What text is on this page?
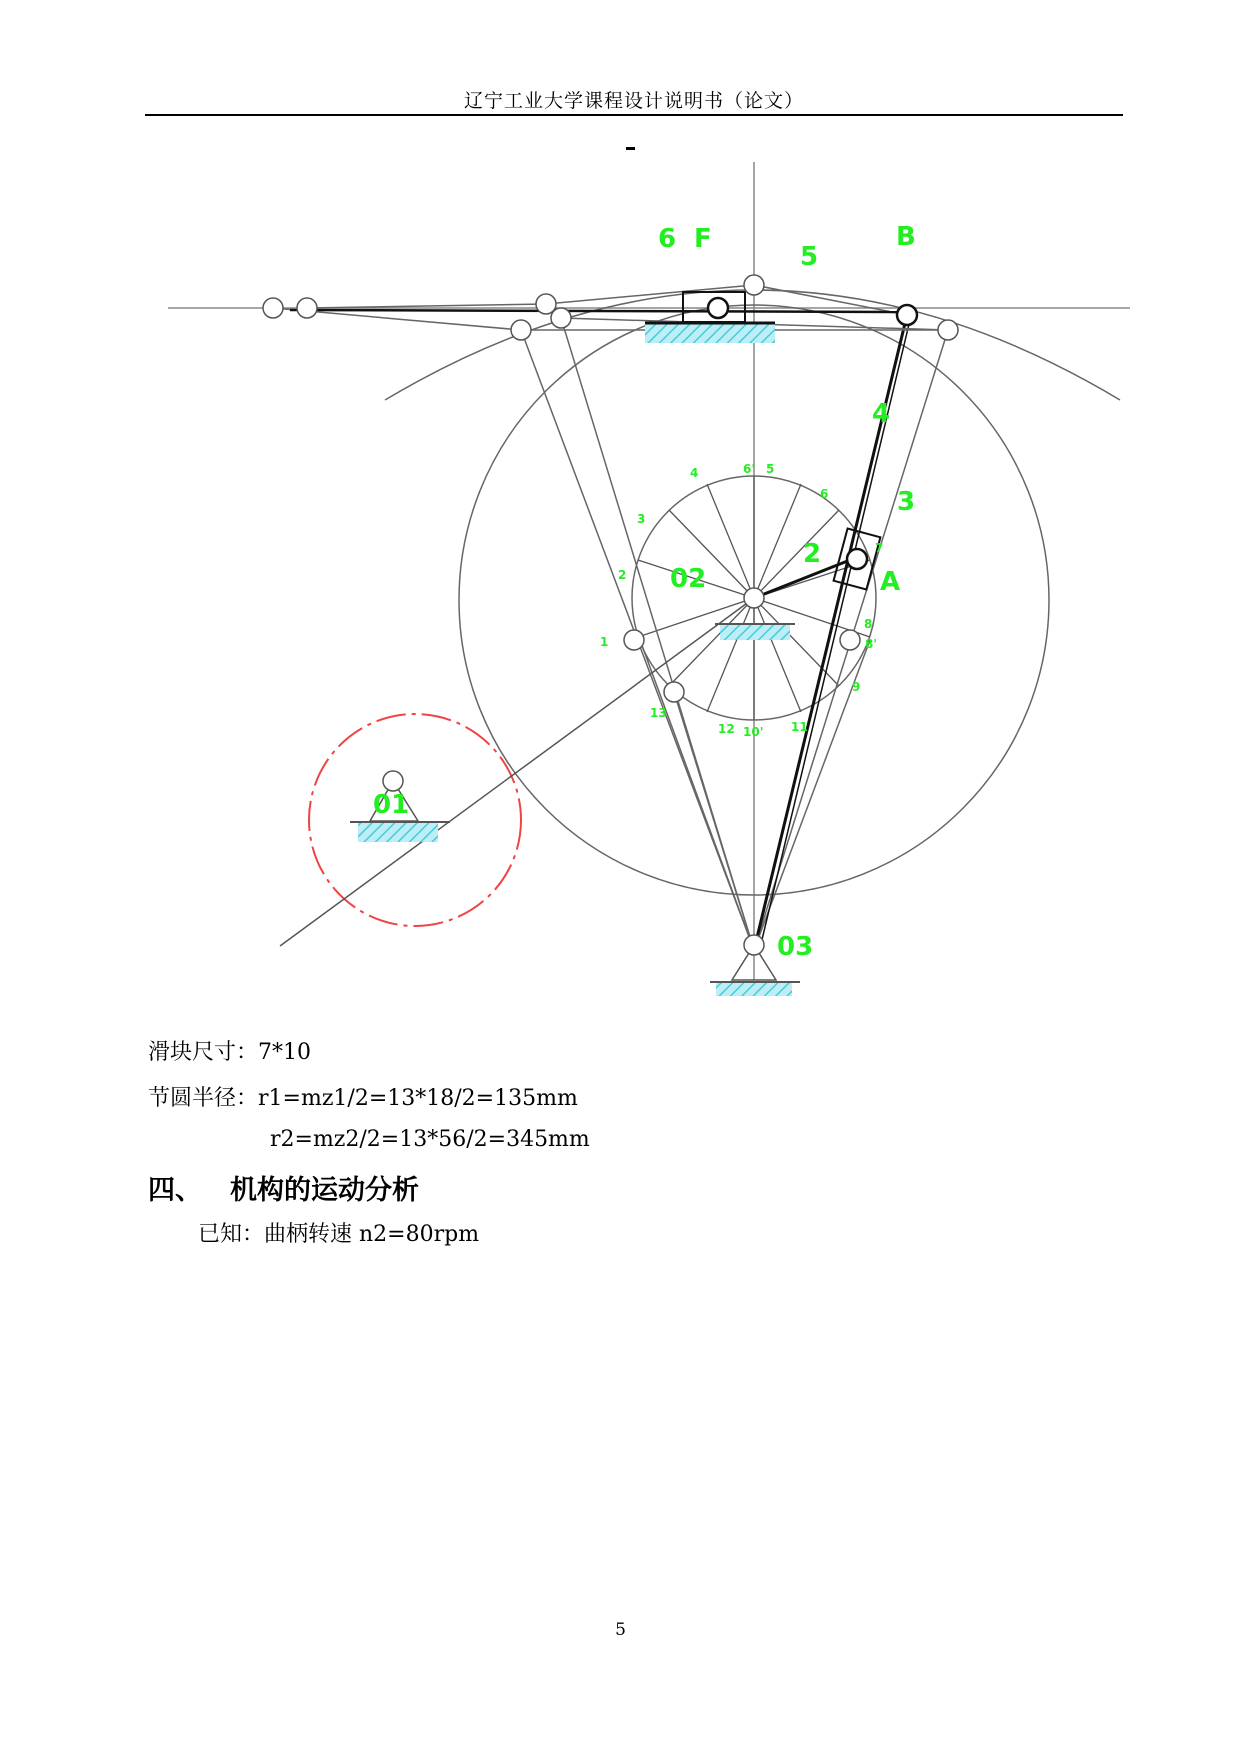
辽宁工业大学课程设计说明书（论文）
6 F
5
B
4
3
2
A
02
01
03
4	6' 5
6
3
2
7
8
1	8'
9
13
12 10' 11
滑块尺寸：7*10
节圆半径：r1=mz1/2=13*18/2=135mm
r2=mz2/2=13*56/2=345mm
四、 机构的运动分析
已知：曲柄转速 n2=80rpm
5
